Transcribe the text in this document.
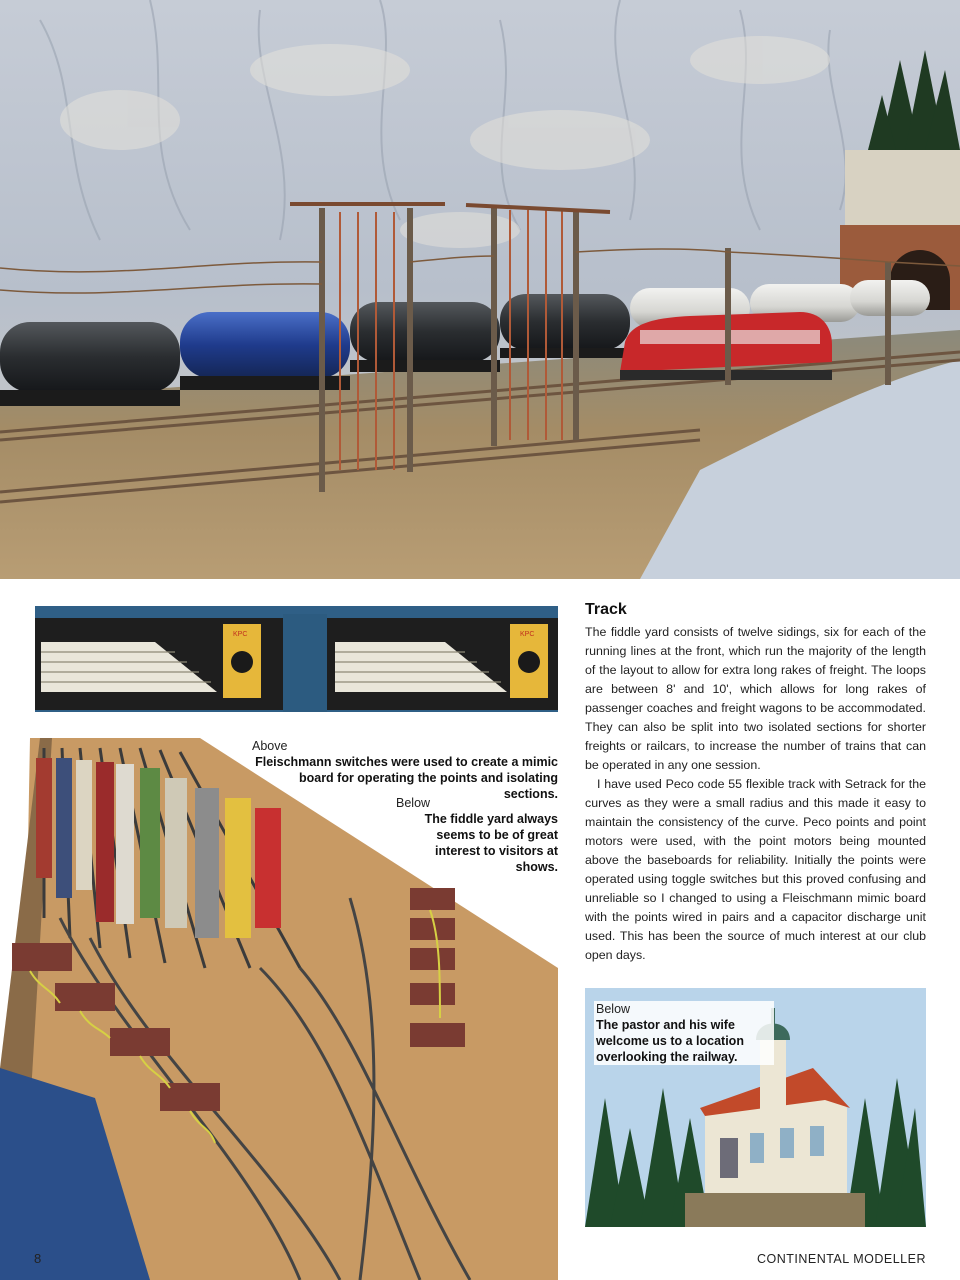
KPC	KPC
Above
Fleischmann switches were used to create a mimic board for operating the points and isolating sections.
Below
The fiddle yard always seems to be of great interest to visitors at shows.
Track

The fiddle yard consists of twelve sidings, six for each of the running lines at the front, which run the majority of the length of the layout to allow for extra long rakes of freight. The loops are between 8' and 10', which allows for long rakes of passenger coaches and freight wagons to be accommodated. They can also be split into two isolated sections for shorter freights or railcars, to increase the number of trains that can be operated in any one session.

I have used Peco code 55 flexible track with Setrack for the curves as they were a small radius and this made it easy to maintain the consistency of the curve. Peco points and point motors were used, with the point motors being mounted above the baseboards for reliability. Initially the points were operated using toggle switches but this proved confusing and unreliable so I changed to using a Fleischmann mimic board with the points wired in pairs and a capacitor discharge unit used. This has been the source of much interest at our club open days.

Below
The pastor and his wife welcome us to a location overlooking the railway.
8	CONTINENTAL MODELLER
